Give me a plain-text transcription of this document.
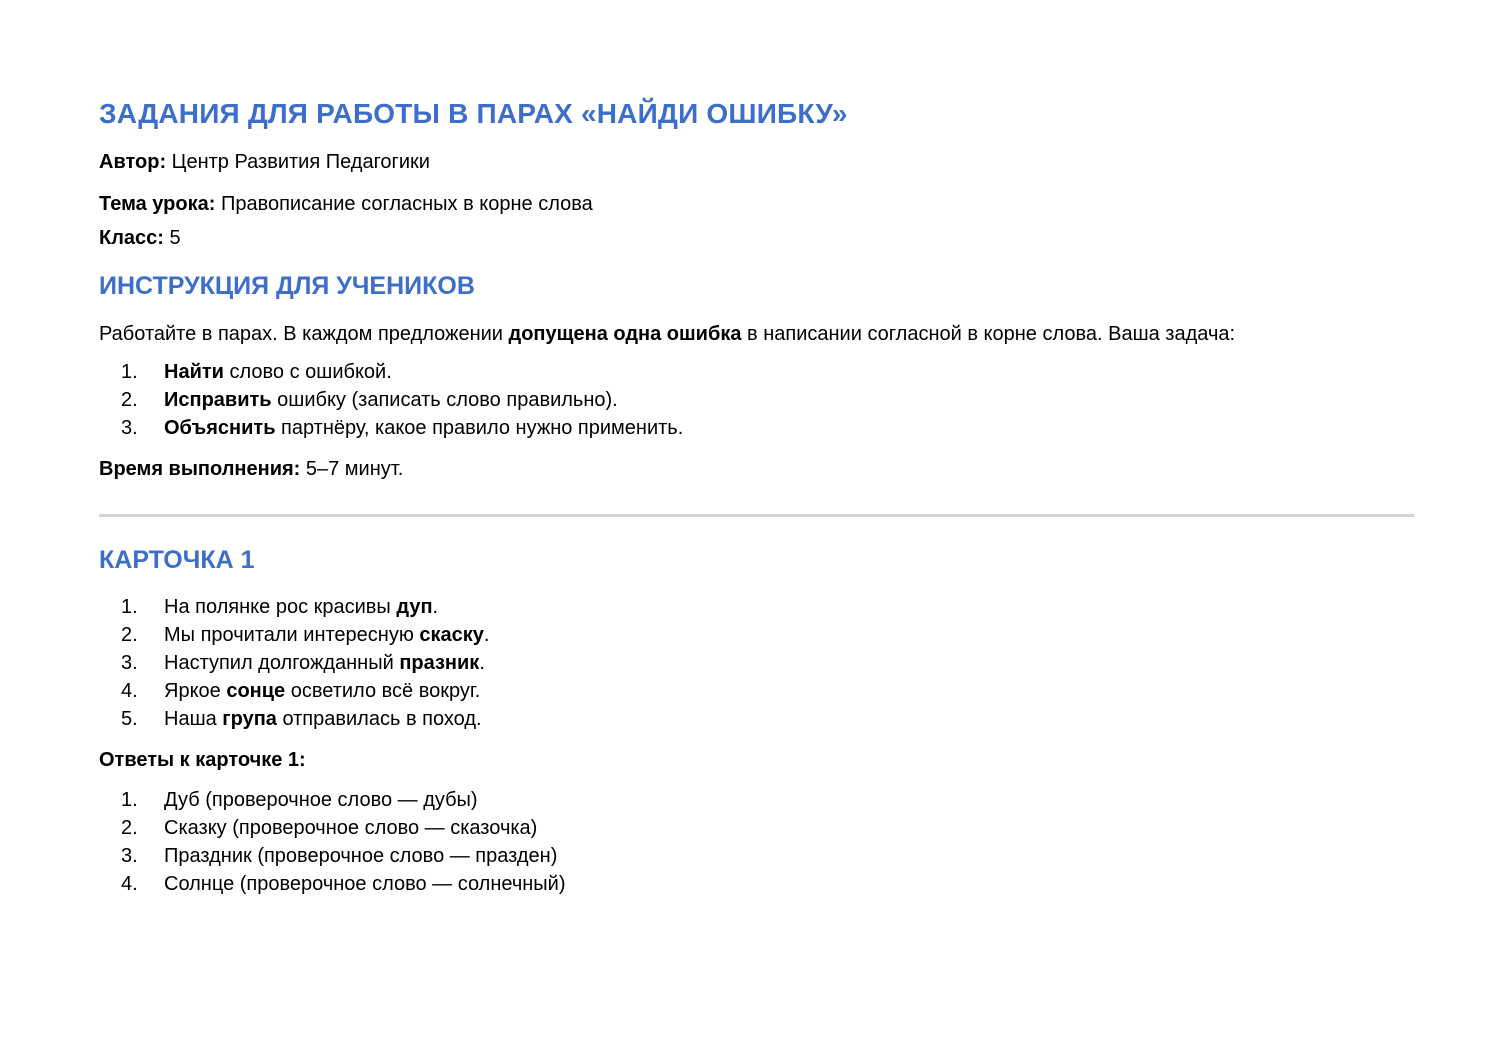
ЗАДАНИЯ ДЛЯ РАБОТЫ В ПАРАХ «НАЙДИ ОШИБКУ»

Автор: Центр Развития Педагогики

Тема урока: Правописание согласных в корне слова

Класс: 5

ИНСТРУКЦИЯ ДЛЯ УЧЕНИКОВ

Работайте в парах. В каждом предложении допущена одна ошибка в написании согласной в корне слова. Ваша задача:

1.	Найти слово с ошибкой.
2.	Исправить ошибку (записать слово правильно).
3.	Объяснить партнёру, какое правило нужно применить.

Время выполнения: 5–7 минут.

КАРТОЧКА 1
1.	На полянке рос красивы дуп.
2.	Мы прочитали интересную скаску.
3.	Наступил долгожданный празник.
4.	Яркое сонце осветило всё вокруг.
5.	Наша група отправилась в поход.

Ответы к карточке 1:

1.	Дуб (проверочное слово — дубы)
2.	Сказку (проверочное слово — сказочка)
3.	Праздник (проверочное слово — празден)
4.	Солнце (проверочное слово — солнечный)
